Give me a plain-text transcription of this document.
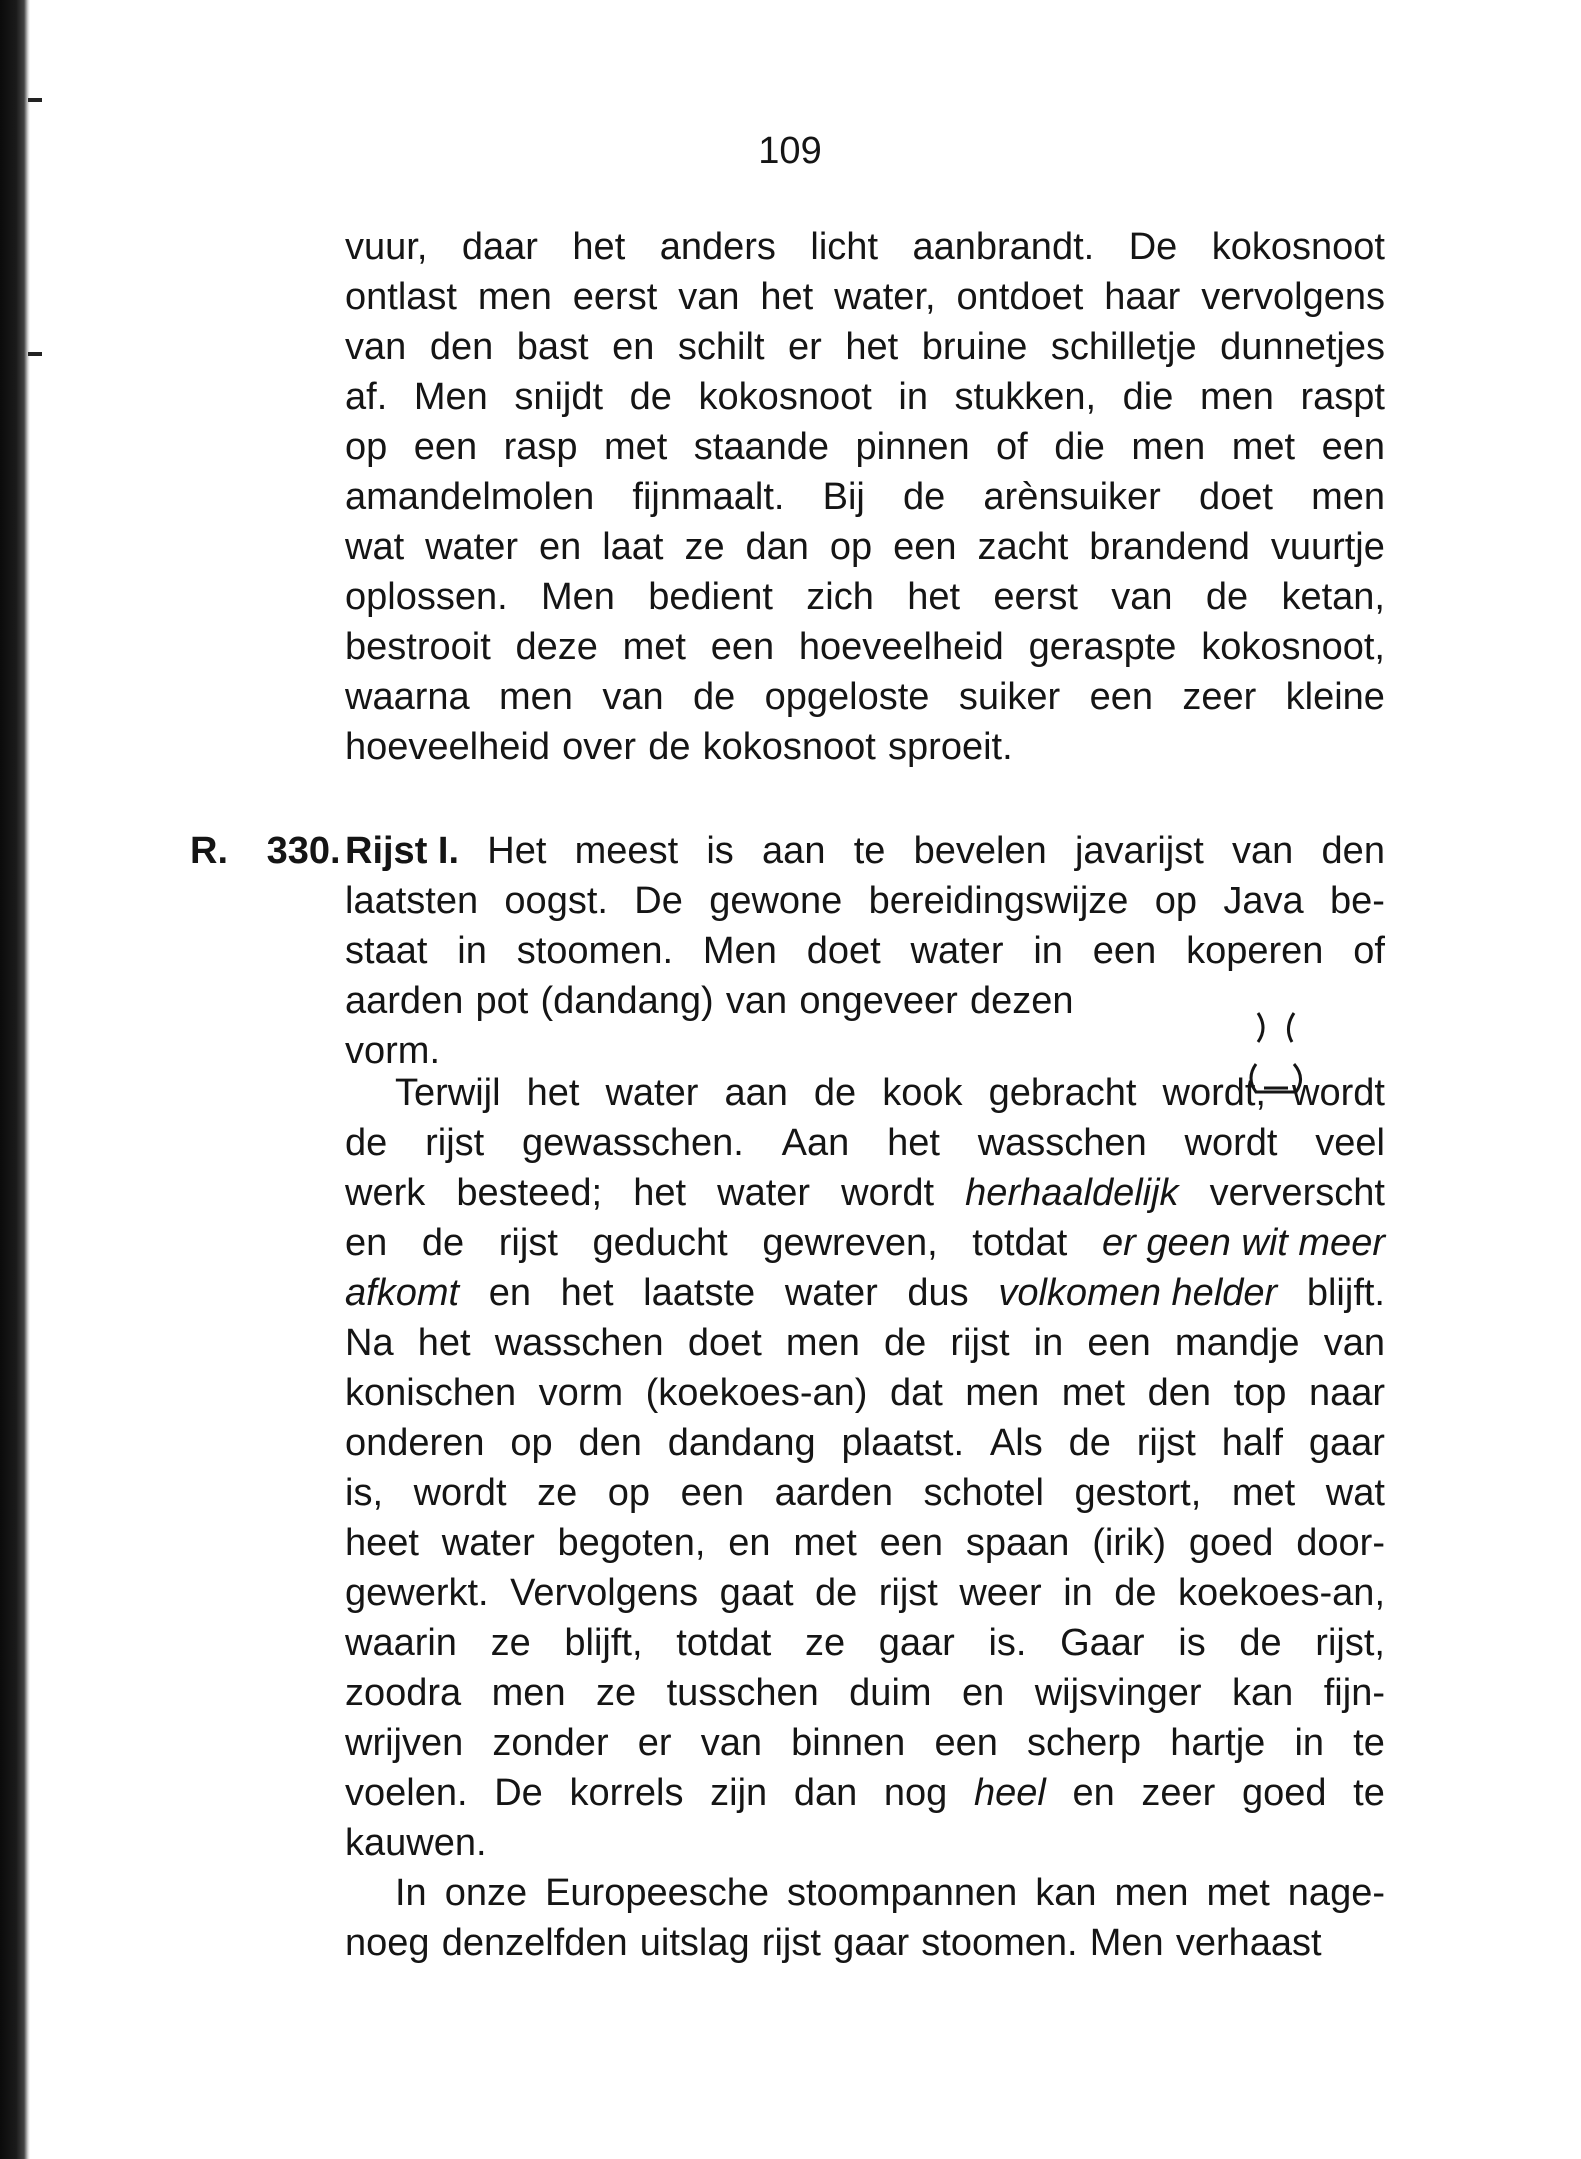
109
vuur, daar het anders licht aanbrandt. De kokosnoot
ontlast men eerst van het water, ontdoet haar vervolgens
van den bast en schilt er het bruine schilletje dunnetjes
af. Men snijdt de kokosnoot in stukken, die men raspt
op een rasp met staande pinnen of die men met een
amandelmolen fijnmaalt. Bij de arènsuiker doet men
wat water en laat ze dan op een zacht brandend vuurtje
oplossen. Men bedient zich het eerst van de ketan,
bestrooit deze met een hoeveelheid geraspte kokosnoot,
waarna men van de opgeloste suiker een zeer kleine
hoeveelheid over de kokosnoot sproeit.
R. 330. Rijst I. Het meest is aan te bevelen javarijst van den
laatsten oogst. De gewone bereidingswijze op Java be-
staat in stoomen. Men doet water in een koperen of
aarden pot (dandang) van ongeveer dezen
vorm.
Terwijl het water aan de kook gebracht wordt, wordt
de rijst gewasschen. Aan het wasschen wordt veel
werk besteed; het water wordt herhaaldelijk ververscht
en de rijst geducht gewreven, totdat er geen wit meer
afkomt en het laatste water dus volkomen helder blijft.
Na het wasschen doet men de rijst in een mandje van
konischen vorm (koekoes-an) dat men met den top naar
onderen op den dandang plaatst. Als de rijst half gaar
is, wordt ze op een aarden schotel gestort, met wat
heet water begoten, en met een spaan (irik) goed door-
gewerkt. Vervolgens gaat de rijst weer in de koekoes-an,
waarin ze blijft, totdat ze gaar is. Gaar is de rijst,
zoodra men ze tusschen duim en wijsvinger kan fijn-
wrijven zonder er van binnen een scherp hartje in te
voelen. De korrels zijn dan nog heel en zeer goed te
kauwen.
In onze Europeesche stoompannen kan men met nage-
noeg denzelfden uitslag rijst gaar stoomen. Men verhaast
